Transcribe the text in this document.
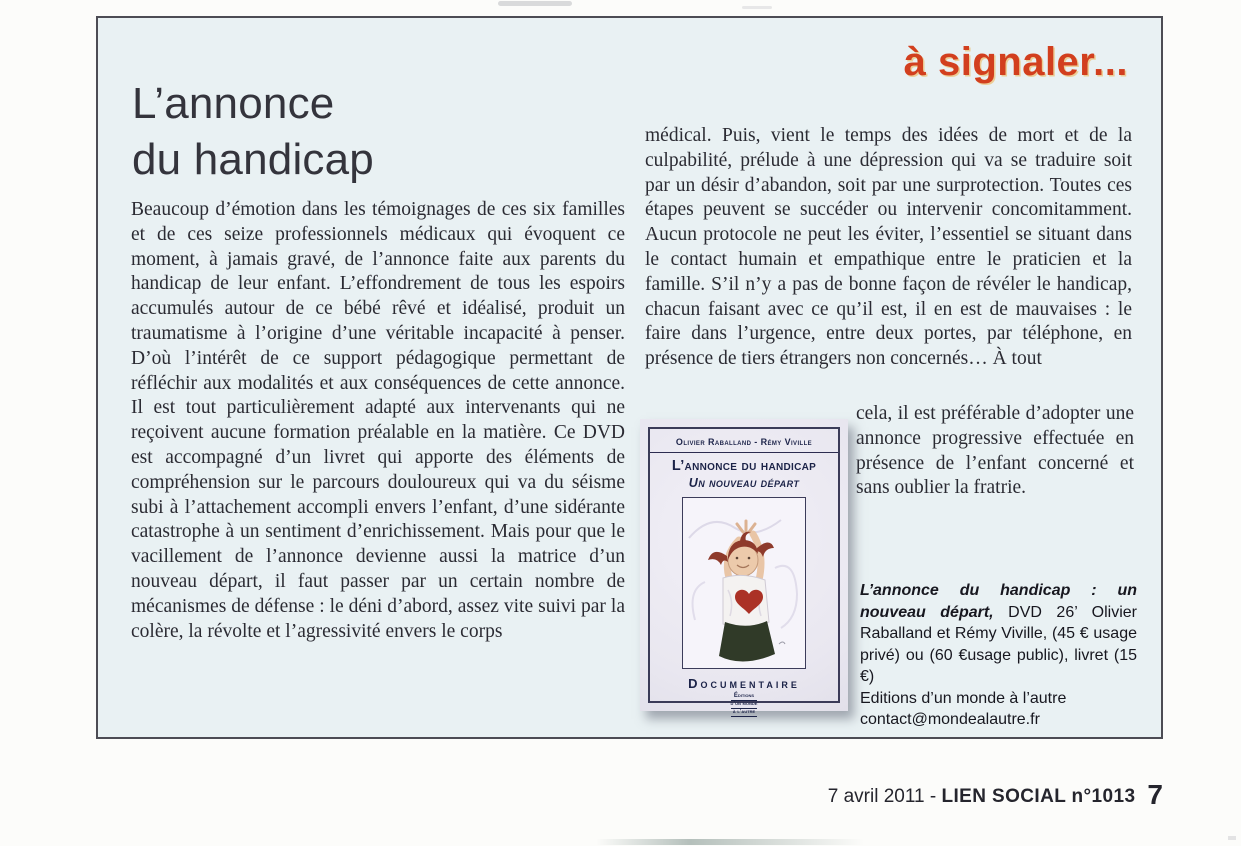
à signaler...
L’annonce
du handicap
Beaucoup d’émotion dans les témoignages de ces six familles et de ces seize professionnels médicaux qui évoquent ce moment, à jamais gravé, de l’annonce faite aux parents du handicap de leur enfant. L’effondrement de tous les espoirs accumulés autour de ce bébé rêvé et idéalisé, produit un traumatisme à l’origine d’une véritable incapacité à penser. D’où l’intérêt de ce support pédagogique permettant de réfléchir aux modalités et aux conséquences de cette annonce. Il est tout particulièrement adapté aux intervenants qui ne reçoivent aucune formation préalable en la matière. Ce DVD est accompagné d’un livret qui apporte des éléments de compréhension sur le parcours douloureux qui va du séisme subi à l’attachement accompli envers l’enfant, d’une sidérante catastrophe à un sentiment d’enrichissement. Mais pour que le vacillement de l’annonce devienne aussi la matrice d’un nouveau départ, il faut passer par un certain nombre de mécanismes de défense : le déni d’abord, assez vite suivi par la colère, la révolte et l’agressivité envers le corps
médical. Puis, vient le temps des idées de mort et de la culpabilité, prélude à une dépression qui va se traduire soit par un désir d’abandon, soit par une surprotection. Toutes ces étapes peuvent se succéder ou intervenir concomitamment. Aucun protocole ne peut les éviter, l’essentiel se situant dans le contact humain et empathique entre le praticien et la famille. S’il n’y a pas de bonne façon de révéler le handicap, chacun faisant avec ce qu’il est, il en est de mauvaises : le faire dans l’urgence, entre deux portes, par téléphone, en présence de tiers étrangers non concernés… À tout
cela, il est préférable d’adopter une annonce progressive effectuée en présence de l’enfant concerné et sans oublier la fratrie.
Olivier Raballand - Rémy Viville
L’annonce du handicap
Un nouveau départ
Documentaire
Éditions
d’un monde
à l’autre
L’annonce du handicap : un nouveau départ, DVD 26’ Olivier Raballand et Rémy Viville, (45 € usage privé) ou (60 €usage public), livret (15 €)
Editions d’un monde à l’autre
contact@mondealautre.fr
7 avril 2011 - LIEN SOCIAL n°1013 7
